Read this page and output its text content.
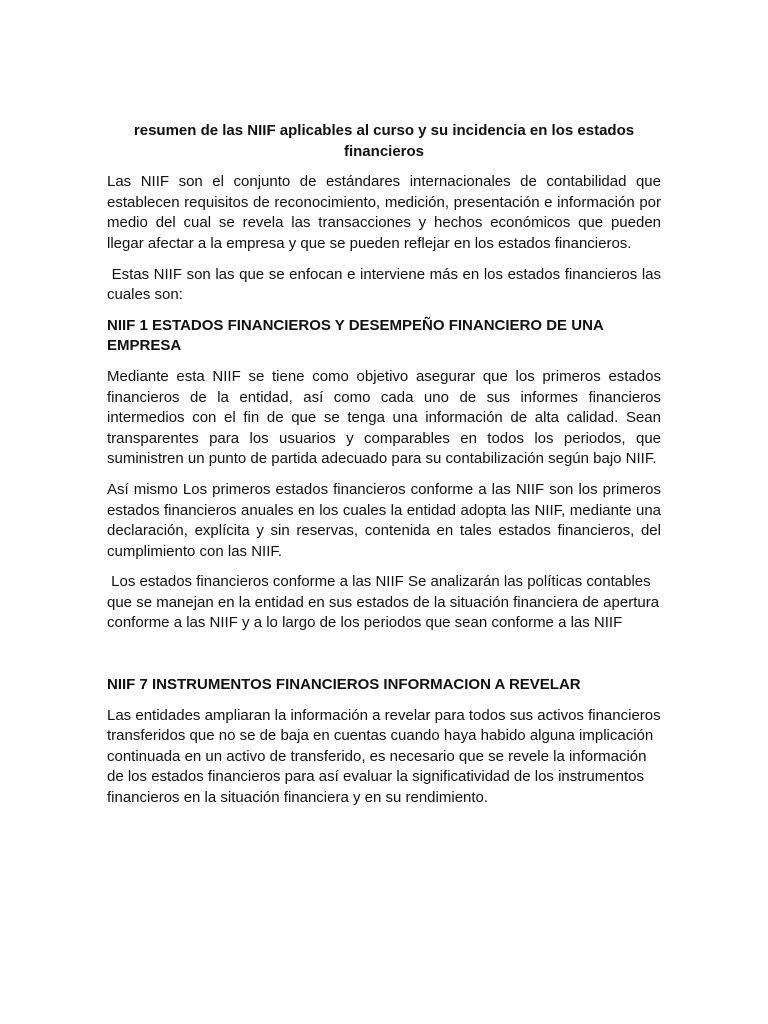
resumen de las NIIF aplicables al curso y su incidencia en los estados financieros

Las NIIF son el conjunto de estándares internacionales de contabilidad que establecen requisitos de reconocimiento, medición, presentación e información por medio del cual se revela las transacciones y hechos económicos que pueden llegar afectar a la empresa y que se pueden reflejar en los estados financieros.

Estas NIIF son las que se enfocan e interviene más en los estados financieros las cuales son:

NIIF 1 ESTADOS FINANCIEROS Y DESEMPEÑO FINANCIERO DE UNA EMPRESA

Mediante esta NIIF se tiene como objetivo asegurar que los primeros estados financieros de la entidad, así como cada uno de sus informes financieros intermedios con el fin de que se tenga una información de alta calidad. Sean transparentes para los usuarios y comparables en todos los periodos, que suministren un punto de partida adecuado para su contabilización según bajo NIIF.

Así mismo Los primeros estados financieros conforme a las NIIF son los primeros estados financieros anuales en los cuales la entidad adopta las NIIF, mediante una declaración, explícita y sin reservas, contenida en tales estados financieros, del cumplimiento con las NIIF.

Los estados financieros conforme a las NIIF Se analizarán las políticas contables que se manejan en la entidad en sus estados de la situación financiera de apertura conforme a las NIIF y a lo largo de los periodos que sean conforme a las NIIF

NIIF 7 INSTRUMENTOS FINANCIEROS INFORMACION A REVELAR

Las entidades ampliaran la información a revelar para todos sus activos financieros transferidos que no se de baja en cuentas cuando haya habido alguna implicación continuada en un activo de transferido, es necesario que se revele la información de los estados financieros para así evaluar la significatividad de los instrumentos financieros en la situación financiera y en su rendimiento.
